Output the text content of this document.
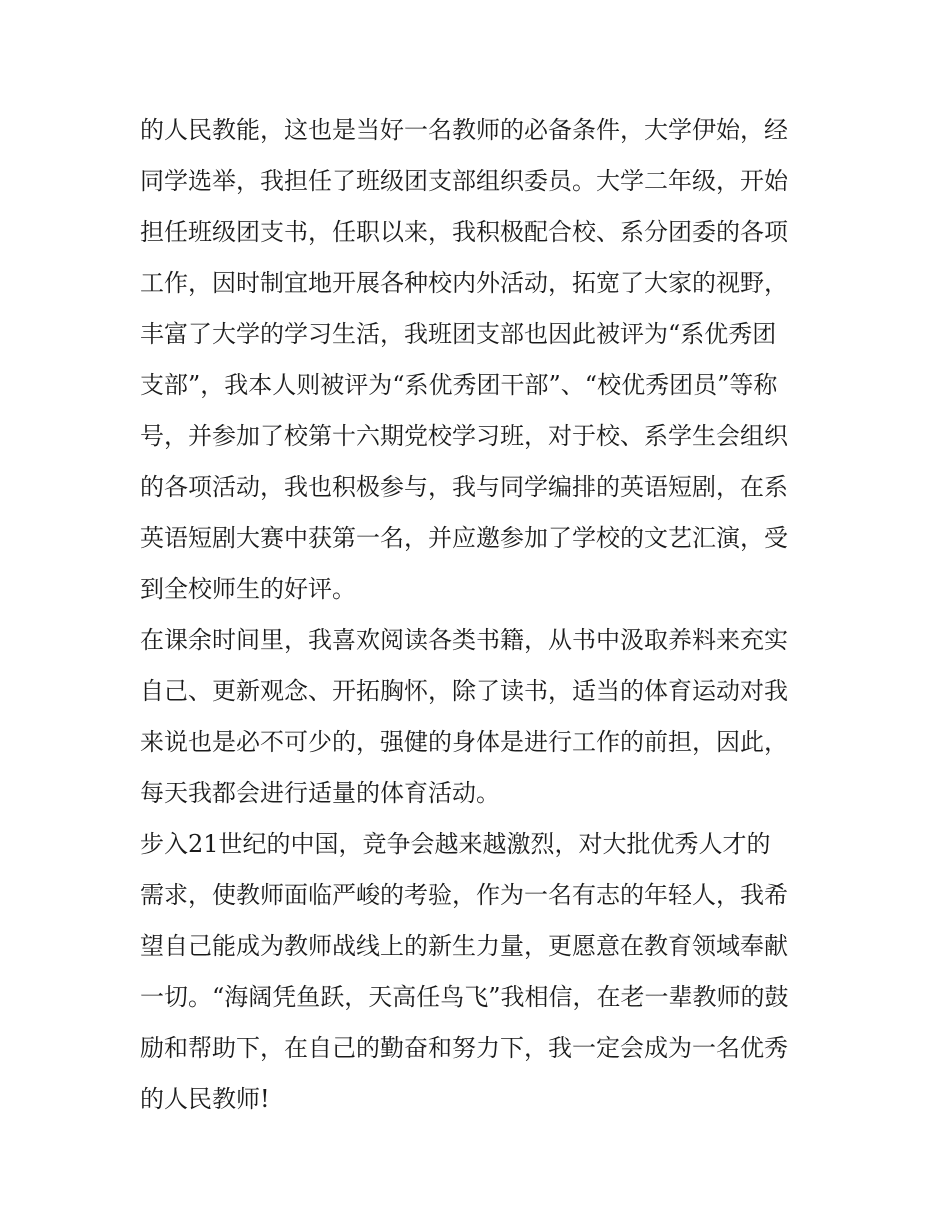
的人民教能，这也是当好一名教师的必备条件，大学伊始，经
同学选举，我担任了班级团支部组织委员。大学二年级，开始
担任班级团支书，任职以来，我积极配合校、系分团委的各项
工作，因时制宜地开展各种校内外活动，拓宽了大家的视野，
丰富了大学的学习生活，我班团支部也因此被评为“系优秀团
支部”，我本人则被评为“系优秀团干部”、“校优秀团员”等称
号，并参加了校第十六期党校学习班，对于校、系学生会组织
的各项活动，我也积极参与，我与同学编排的英语短剧，在系
英语短剧大赛中获第一名，并应邀参加了学校的文艺汇演，受
到全校师生的好评。
在课余时间里，我喜欢阅读各类书籍，从书中汲取养料来充实
自己、更新观念、开拓胸怀，除了读书，适当的体育运动对我
来说也是必不可少的，强健的身体是进行工作的前担，因此，
每天我都会进行适量的体育活动。
步入21世纪的中国，竞争会越来越激烈，对大批优秀人才的
需求，使教师面临严峻的考验，作为一名有志的年轻人，我希
望自己能成为教师战线上的新生力量，更愿意在教育领域奉献
一切。“海阔凭鱼跃，天高任鸟飞”我相信，在老一辈教师的鼓
励和帮助下，在自己的勤奋和努力下，我一定会成为一名优秀
的人民教师!
